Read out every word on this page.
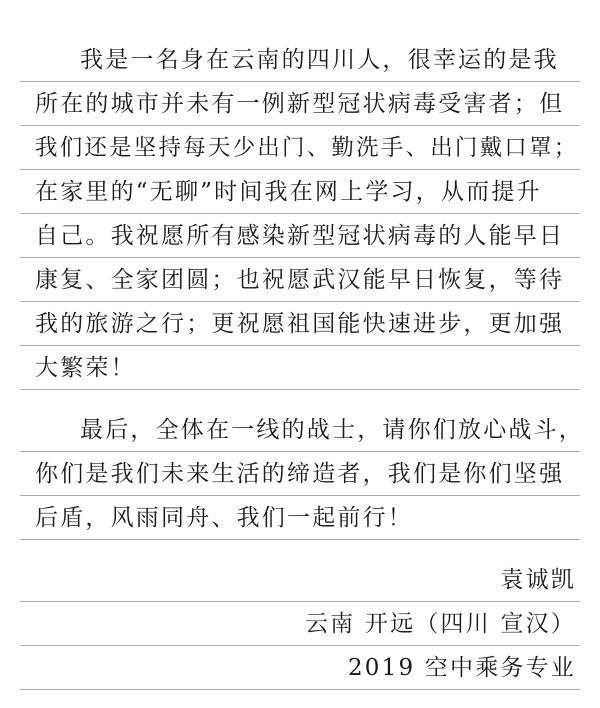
我是一名身在云南的四川人，很幸运的是我
所在的城市并未有一例新型冠状病毒受害者；但
我们还是坚持每天少出门、勤洗手、出门戴口罩；
在家里的“无聊”时间我在网上学习，从而提升
自己。我祝愿所有感染新型冠状病毒的人能早日
康复、全家团圆；也祝愿武汉能早日恢复，等待
我的旅游之行；更祝愿祖国能快速进步，更加强
大繁荣！
最后，全体在一线的战士，请你们放心战斗，
你们是我们未来生活的缔造者，我们是你们坚强
后盾，风雨同舟、我们一起前行！
袁诚凯
云南 开远（四川 宣汉）
2019 空中乘务专业
